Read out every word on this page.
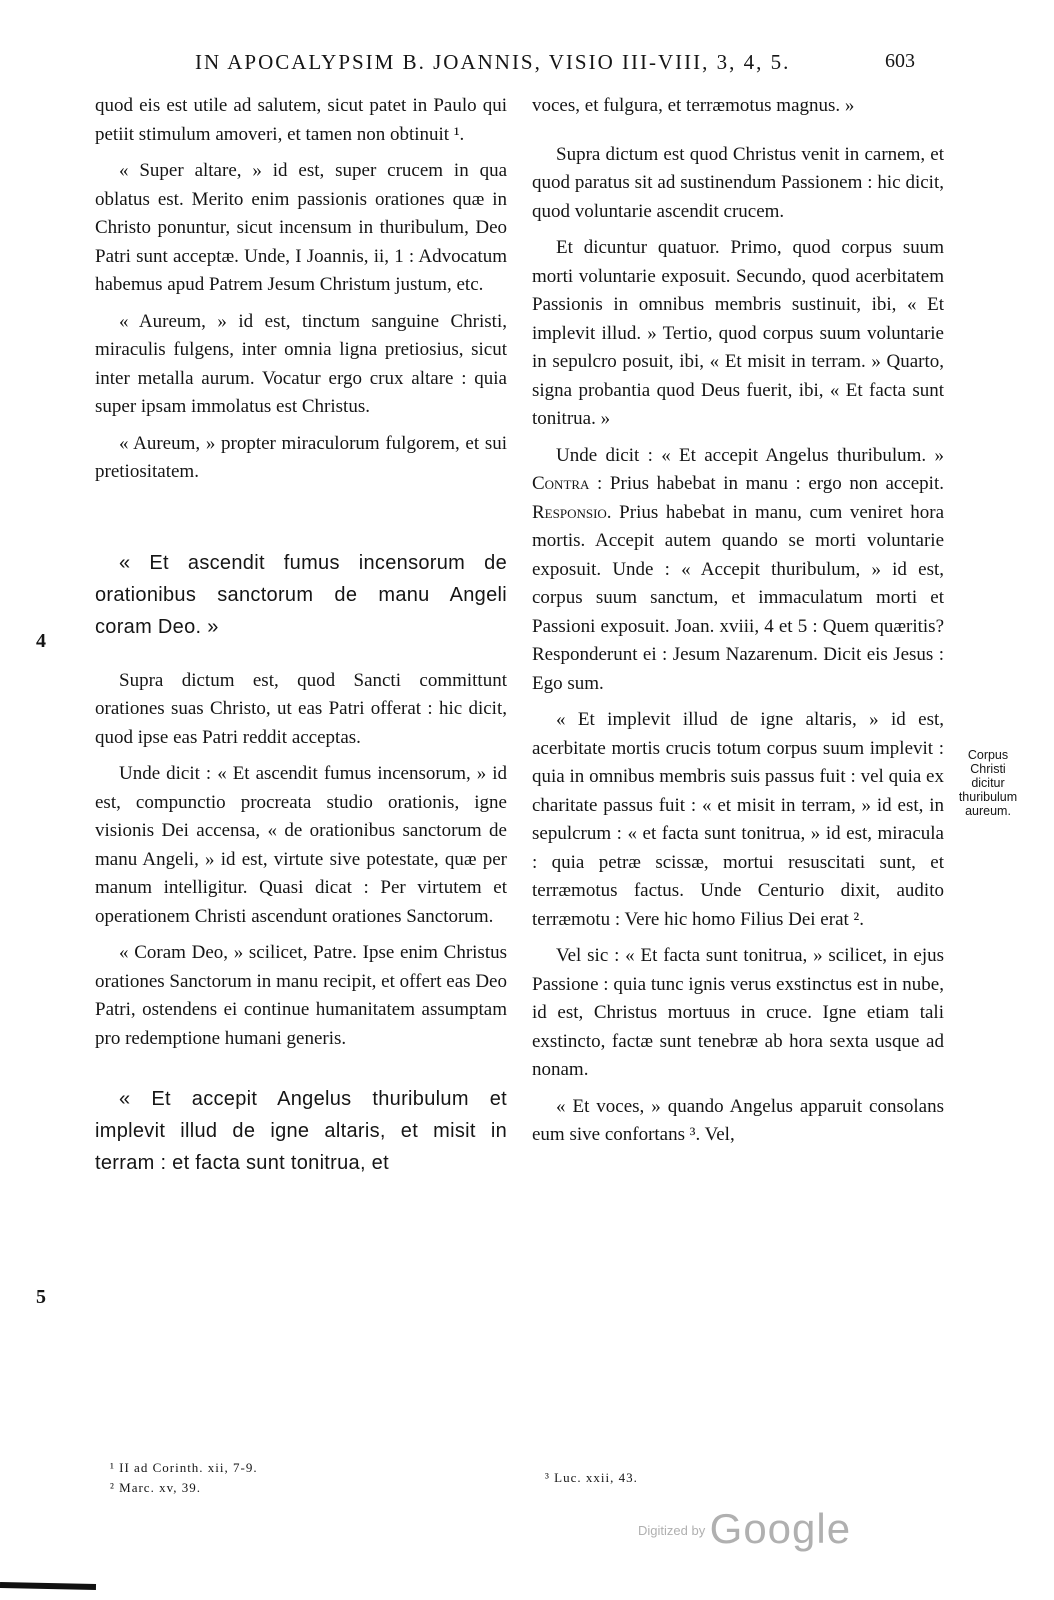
IN APOCALYPSIM B. JOANNIS, VISIO III-VIII, 3, 4, 5.	603

quod eis est utile ad salutem, sicut patet in Paulo qui petiit stimulum amoveri, et tamen non obtinuit ¹.

« Super altare, » id est, super crucem in qua oblatus est. Merito enim passionis orationes quæ in Christo ponuntur, sicut incensum in thuribulum, Deo Patri sunt acceptæ. Unde, I Joannis, ii, 1 : Advocatum habemus apud Patrem Jesum Christum justum, etc.

« Aureum, » id est, tinctum sanguine Christi, miraculis fulgens, inter omnia ligna pretiosius, sicut inter metalla aurum. Vocatur ergo crux altare : quia super ipsam immolatus est Christus.

« Aureum, » propter miraculorum fulgorem, et sui pretiositatem.

« Et ascendit fumus incensorum de orationibus sanctorum de manu Angeli coram Deo. »

Supra dictum est, quod Sancti committunt orationes suas Christo, ut eas Patri offerat : hic dicit, quod ipse eas Patri reddit acceptas.

Unde dicit : « Et ascendit fumus incensorum, » id est, compunctio procreata studio orationis, igne visionis Dei accensa, « de orationibus sanctorum de manu Angeli, » id est, virtute sive potestate, quæ per manum intelligitur. Quasi dicat : Per virtutem et operationem Christi ascendunt orationes Sanctorum.

« Coram Deo, » scilicet, Patre. Ipse enim Christus orationes Sanctorum in manu recipit, et offert eas Deo Patri, ostendens ei continue humanitatem assumptam pro redemptione humani generis.

« Et accepit Angelus thuribulum et implevit illud de igne altaris, et misit in terram : et facta sunt tonitrua, et
4
5

voces, et fulgura, et terræmotus magnus. »

Supra dictum est quod Christus venit in carnem, et quod paratus sit ad sustinendum Passionem : hic dicit, quod voluntarie ascendit crucem.

Et dicuntur quatuor. Primo, quod corpus suum morti voluntarie exposuit. Secundo, quod acerbitatem Passionis in omnibus membris sustinuit, ibi, « Et implevit illud. » Tertio, quod corpus suum voluntarie in sepulcro posuit, ibi, « Et misit in terram. » Quarto, signa probantia quod Deus fuerit, ibi, « Et facta sunt tonitrua. »

Unde dicit : « Et accepit Angelus thuribulum. » Contra : Prius habebat in manu : ergo non accepit. Responsio. Prius habebat in manu, cum veniret hora mortis. Accepit autem quando se morti voluntarie exposuit. Unde : « Accepit thuribulum, » id est, corpus suum sanctum, et immaculatum morti et Passioni exposuit. Joan. xviii, 4 et 5 : Quem quæritis? Responderunt ei : Jesum Nazarenum. Dicit eis Jesus : Ego sum.

« Et implevit illud de igne altaris, » id est, acerbitate mortis crucis totum corpus suum implevit : quia in omnibus membris suis passus fuit : vel quia ex charitate passus fuit : « et misit in terram, » id est, in sepulcrum : « et facta sunt tonitrua, » id est, miracula : quia petræ scissæ, mortui resuscitati sunt, et terræmotus factus. Unde Centurio dixit, audito terræmotu : Vere hic homo Filius Dei erat ².

Vel sic : « Et facta sunt tonitrua, » scilicet, in ejus Passione : quia tunc ignis verus exstinctus est in nube, id est, Christus mortuus in cruce. Igne etiam tali exstincto, factæ sunt tenebræ ab hora sexta usque ad nonam.

« Et voces, » quando Angelus apparuit consolans eum sive confortans ³. Vel,

Corpus Christi dicitur thuribulum aureum.
¹ II ad Corinth. xii, 7-9.
² Marc. xv, 39.
³ Luc. xxii, 43.
$^{Digitized by}$ Google
